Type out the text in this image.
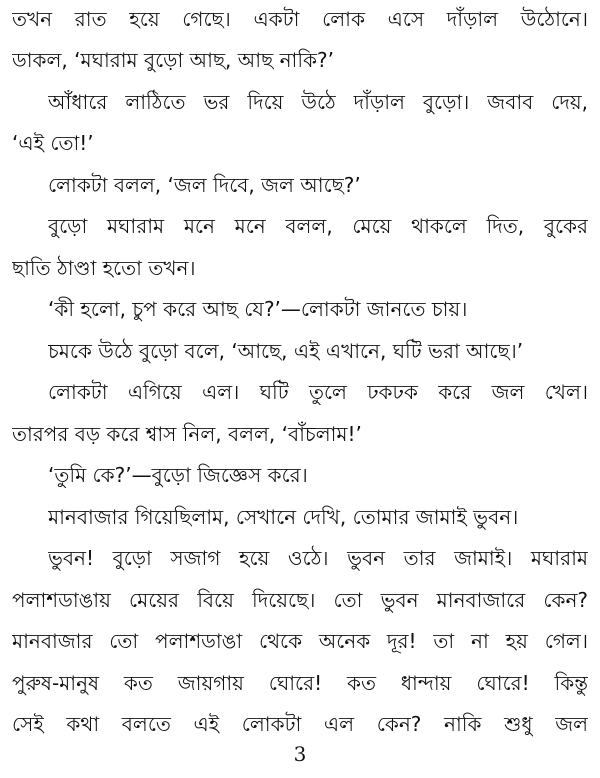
তখন রাত হয়ে গেছে। একটা লোক এসে দাঁড়াল উঠোনে।
ডাকল, ‘মঘারাম বুড়ো আছ, আছ নাকি?’
আঁধারে লাঠিতে ভর দিয়ে উঠে দাঁড়াল বুড়ো। জবাব দেয়,
‘এই তো!’
লোকটা বলল, ‘জল দিবে, জল আছে?’
বুড়ো মঘারাম মনে মনে বলল, মেয়ে থাকলে দিত, বুকের
ছাতি ঠাণ্ডা হতো তখন।
‘কী হলো, চুপ করে আছ যে?’—লোকটা জানতে চায়।
চমকে উঠে বুড়ো বলে, ‘আছে, এই এখানে, ঘটি ভরা আছে।’
লোকটা এগিয়ে এল। ঘটি তুলে ঢকঢক করে জল খেল।
তারপর বড় করে শ্বাস নিল, বলল, ‘বাঁচলাম!’
‘তুমি কে?’—বুড়ো জিজ্ঞেস করে।
মানবাজার গিয়েছিলাম, সেখানে দেখি, তোমার জামাই ভুবন।
ভুবন! বুড়ো সজাগ হয়ে ওঠে। ভুবন তার জামাই। মঘারাম
পলাশডাঙায় মেয়ের বিয়ে দিয়েছে। তো ভুবন মানবাজারে কেন?
মানবাজার তো পলাশডাঙা থেকে অনেক দূর! তা না হয় গেল।
পুরুষ-মানুষ কত জায়গায় ঘোরে! কত ধান্দায় ঘোরে! কিন্তু
সেই কথা বলতে এই লোকটা এল কেন? নাকি শুধু জল
3
